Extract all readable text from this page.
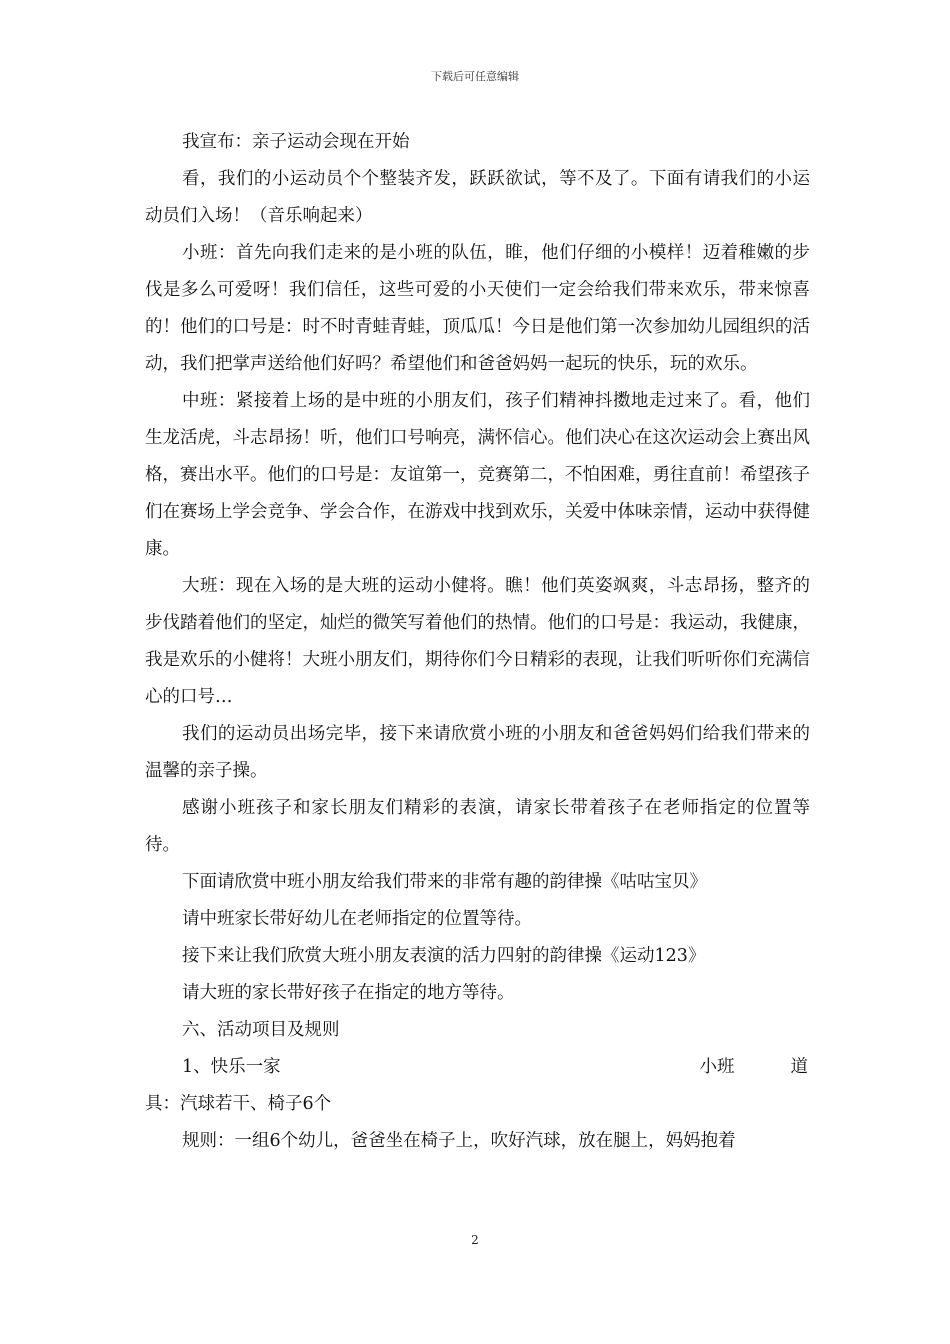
下载后可任意编辑

我宣布：亲子运动会现在开始

看，我们的小运动员个个整装齐发，跃跃欲试，等不及了。下面有请我们的小运动员们入场！（音乐响起来）

小班：首先向我们走来的是小班的队伍，睢，他们仔细的小模样！迈着稚嫩的步伐是多么可爱呀！我们信任，这些可爱的小天使们一定会给我们带来欢乐，带来惊喜的！他们的口号是：时不时青蛙青蛙，顶瓜瓜！今日是他们第一次参加幼儿园组织的活动，我们把掌声送给他们好吗？希望他们和爸爸妈妈一起玩的快乐，玩的欢乐。

中班：紧接着上场的是中班的小朋友们，孩子们精神抖擞地走过来了。看，他们生龙活虎，斗志昂扬！听，他们口号响亮，满怀信心。他们决心在这次运动会上赛出风格，赛出水平。他们的口号是：友谊第一，竞赛第二，不怕困难，勇往直前！希望孩子们在赛场上学会竞争、学会合作，在游戏中找到欢乐，关爱中体味亲情，运动中获得健康。

大班：现在入场的是大班的运动小健将。瞧！他们英姿飒爽，斗志昂扬，整齐的步伐踏着他们的坚定，灿烂的微笑写着他们的热情。他们的口号是：我运动，我健康，我是欢乐的小健将！大班小朋友们，期待你们今日精彩的表现，让我们听听你们充满信心的口号…

我们的运动员出场完毕，接下来请欣赏小班的小朋友和爸爸妈妈们给我们带来的温馨的亲子操。

感谢小班孩子和家长朋友们精彩的表演，请家长带着孩子在老师指定的位置等待。

下面请欣赏中班小朋友给我们带来的非常有趣的韵律操《咕咕宝贝》

请中班家长带好幼儿在老师指定的位置等待。

接下来让我们欣赏大班小朋友表演的活力四射的韵律操《运动123》

请大班的家长带好孩子在指定的地方等待。

六、活动项目及规则

1、快乐一家	小班	道

具：汽球若干、椅子6个

规则：一组6个幼儿，爸爸坐在椅子上，吹好汽球，放在腿上，妈妈抱着

2
